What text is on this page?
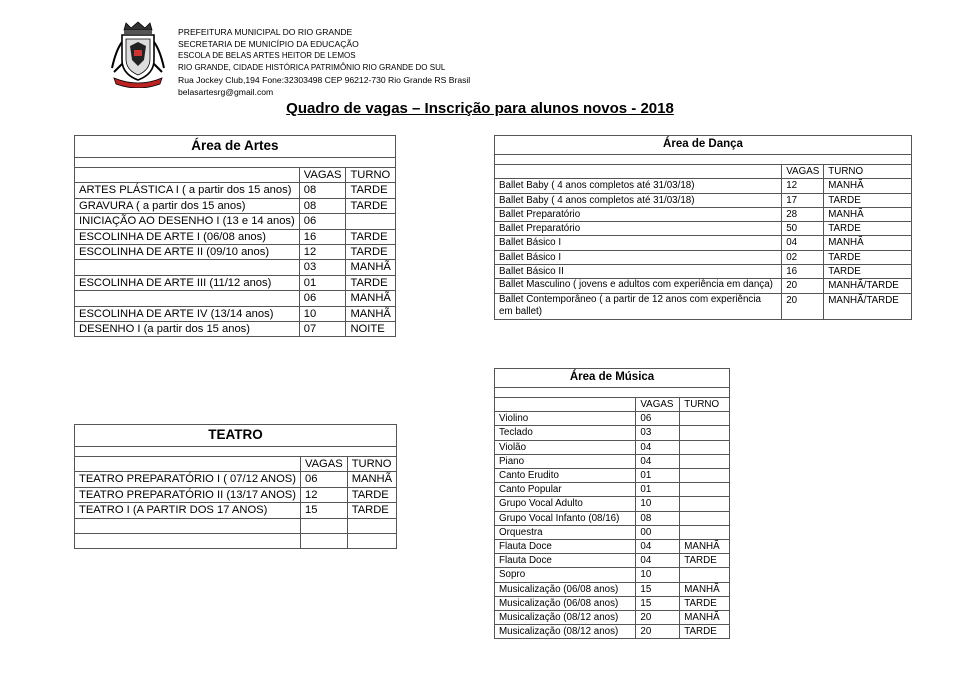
PREFEITURA MUNICIPAL DO RIO GRANDE
SECRETARIA DE MUNICÍPIO DA EDUCAÇÃO
ESCOLA DE BELAS ARTES HEITOR DE LEMOS
RIO GRANDE, CIDADE HISTÓRICA PATRIMÔNIO RIO GRANDE DO SUL
Rua Jockey Club,194 Fone:32303498 CEP 96212-730 Rio Grande RS Brasil
belasartesrg@gmail.com
Quadro de vagas – Inscrição para alunos novos - 2018
Área de Artes		

	VAGAS	TURNO
ARTES PLÁSTICA I ( a partir dos 15 anos)	08	TARDE
GRAVURA ( a partir dos 15 anos)	08	TARDE
INICIAÇÃO AO DESENHO I (13 e 14 anos)	06	
ESCOLINHA DE ARTE I (06/08 anos)	16	TARDE
ESCOLINHA DE ARTE II (09/10 anos)	12	TARDE
	03	MANHÃ
ESCOLINHA DE ARTE III (11/12 anos)	01	TARDE
	06	MANHÃ
ESCOLINHA DE ARTE IV (13/14 anos)	10	MANHÃ
DESENHO I (a partir dos 15 anos)	07	NOITE
TEATRO		

	VAGAS	TURNO
TEATRO PREPARATÓRIO I ( 07/12 ANOS)	06	MANHÃ
TEATRO PREPARATÓRIO II (13/17 ANOS)	12	TARDE
TEATRO I (A PARTIR DOS 17 ANOS)	15	TARDE

Área de Dança		

	VAGAS	TURNO
Ballet Baby ( 4 anos completos até 31/03/18)	12	MANHÃ
Ballet Baby ( 4 anos completos até 31/03/18)	17	TARDE
Ballet Preparatório	28	MANHÃ
Ballet Preparatório	50	TARDE
Ballet Básico I	04	MANHÃ
Ballet Básico I	02	TARDE
Ballet Básico II	16	TARDE
Ballet Masculino ( jovens e adultos com experiência em dança)	20	MANHÃ/TARDE
Ballet Contemporâneo ( a partir de 12 anos com experiência em ballet)	20	MANHÃ/TARDE
Área de Música		

	VAGAS	TURNO
Violino	06	
Teclado	03	
Violão	04	
Piano	04	
Canto Erudito	01	
Canto Popular	01	
Grupo Vocal Adulto	10	
Grupo Vocal Infanto (08/16)	08	
Orquestra	00	
Flauta Doce	04	MANHÃ
Flauta Doce	04	TARDE
Sopro	10	
Musicalização (06/08 anos)	15	MANHÃ
Musicalização (06/08 anos)	15	TARDE
Musicalização (08/12 anos)	20	MANHÃ
Musicalização (08/12 anos)	20	TARDE
